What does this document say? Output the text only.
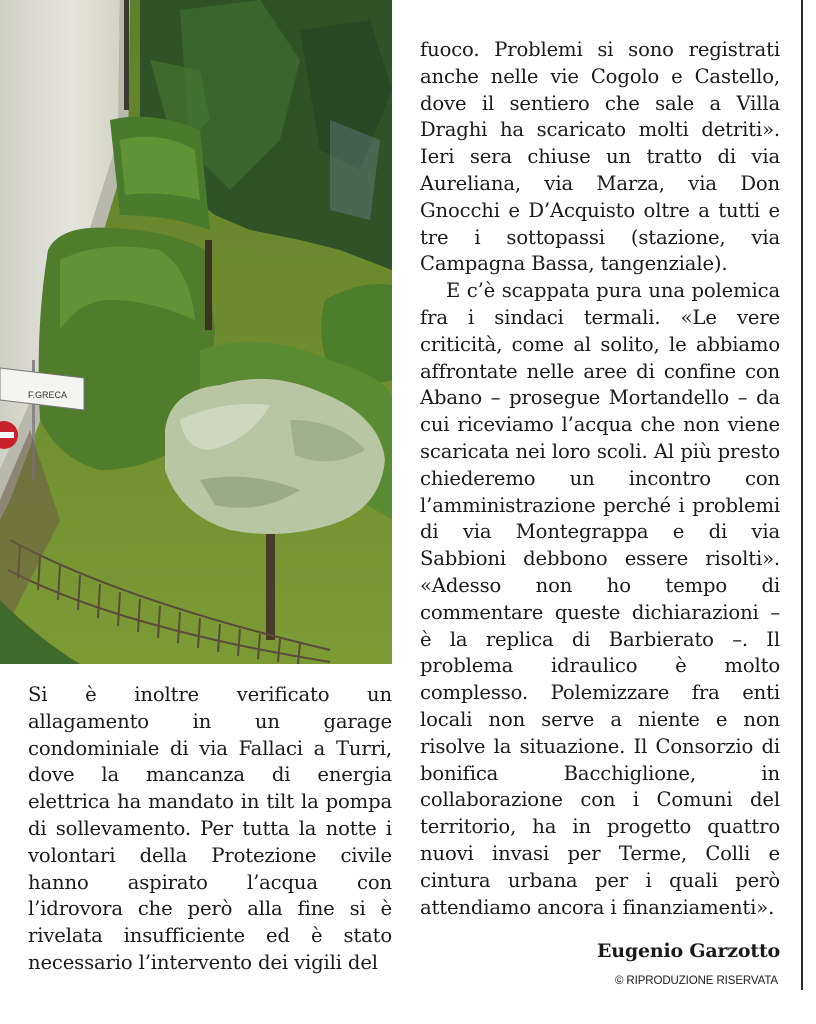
F.GRECA

Si è inoltre verificato un allagamento in un garage condominiale di via Fallaci a Turri, dove la mancanza di energia elettrica ha mandato in tilt la pompa di sollevamento. Per tutta la notte i volontari della Protezione civile hanno aspirato l’acqua con l’idrovora che però alla fine si è rivelata insufficiente ed è stato necessario l’intervento dei vigili del

fuoco. Problemi si sono registrati anche nelle vie Cogolo e Castello, dove il sentiero che sale a Villa Draghi ha scaricato molti detriti». Ieri sera chiuse un tratto di via Aureliana, via Marza, via Don Gnocchi e D’Acquisto oltre a tutti e tre i sottopassi (stazione, via Campagna Bassa, tangenziale).

E c’è scappata pura una polemica fra i sindaci termali. «Le vere criticità, come al solito, le abbiamo affrontate nelle aree di confine con Abano – prosegue Mortandello – da cui riceviamo l’acqua che non viene scaricata nei loro scoli. Al più presto chiederemo un incontro con l’amministrazione perché i problemi di via Montegrappa e di via Sabbioni debbono essere risolti». «Adesso non ho tempo di commentare queste dichiarazioni – è la replica di Barbierato –. Il problema idraulico è molto complesso. Polemizzare fra enti locali non serve a niente e non risolve la situazione. Il Consorzio di bonifica Bacchiglione, in collaborazione con i Comuni del territorio, ha in progetto quattro nuovi invasi per Terme, Colli e cintura urbana per i quali però attendiamo ancora i finanziamenti».

Eugenio Garzotto
© RIPRODUZIONE RISERVATA
